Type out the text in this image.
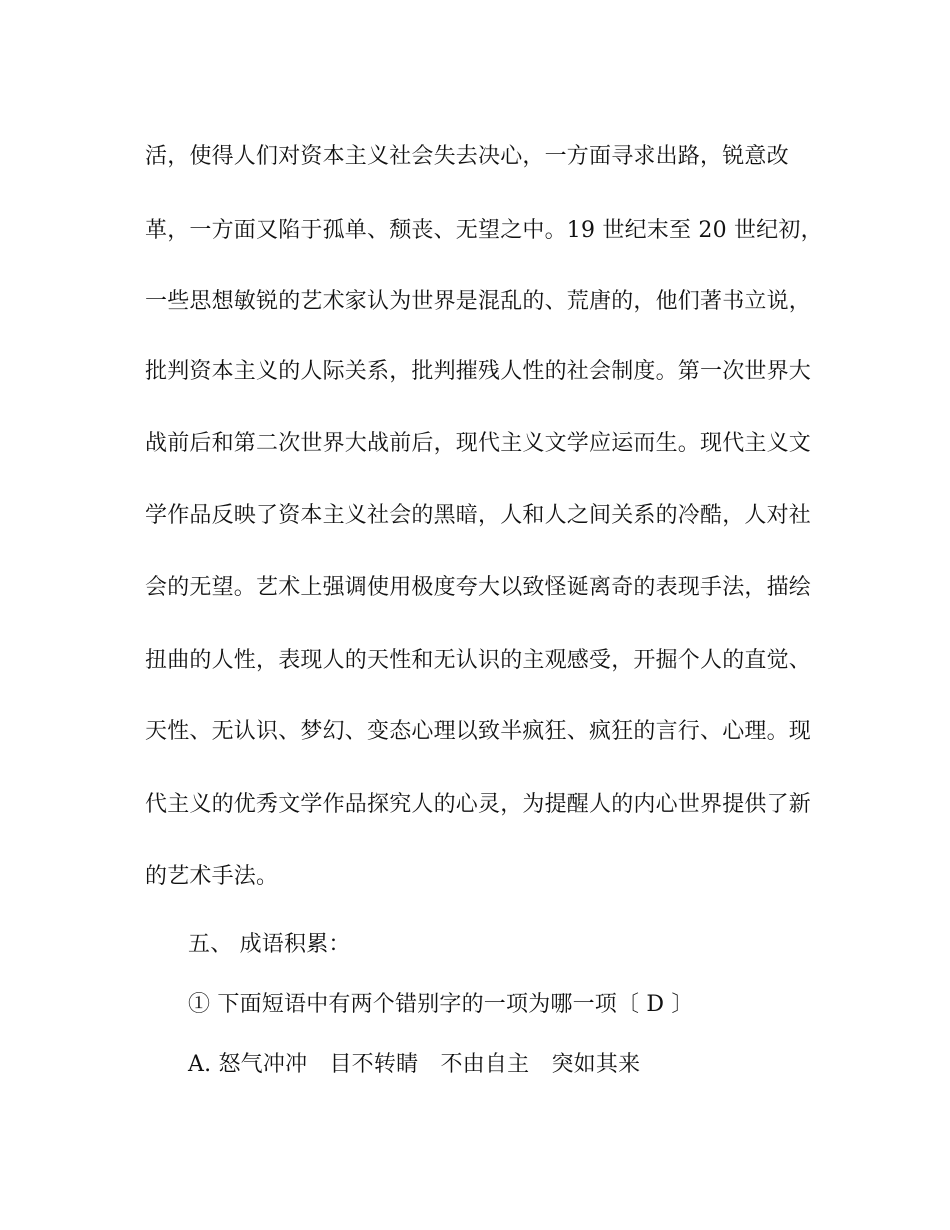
活，使得人们对资本主义社会失去决心，一方面寻求出路，锐意改
革，一方面又陷于孤单、颓丧、无望之中。19 世纪末至 20 世纪初，
一些思想敏锐的艺术家认为世界是混乱的、荒唐的，他们著书立说，
批判资本主义的人际关系，批判摧残人性的社会制度。第一次世界大
战前后和第二次世界大战前后，现代主义文学应运而生。现代主义文
学作品反映了资本主义社会的黑暗，人和人之间关系的冷酷，人对社
会的无望。艺术上强调使用极度夸大以致怪诞离奇的表现手法，描绘
扭曲的人性，表现人的天性和无认识的主观感受，开掘个人的直觉、
天性、无认识、梦幻、变态心理以致半疯狂、疯狂的言行、心理。现
代主义的优秀文学作品探究人的心灵，为提醒人的内心世界提供了新
的艺术手法。
五、 成语积累：
① 下面短语中有两个错别字的一项为哪一项〔 D 〕
A. 怒气冲冲　目不转睛　不由自主　突如其来
